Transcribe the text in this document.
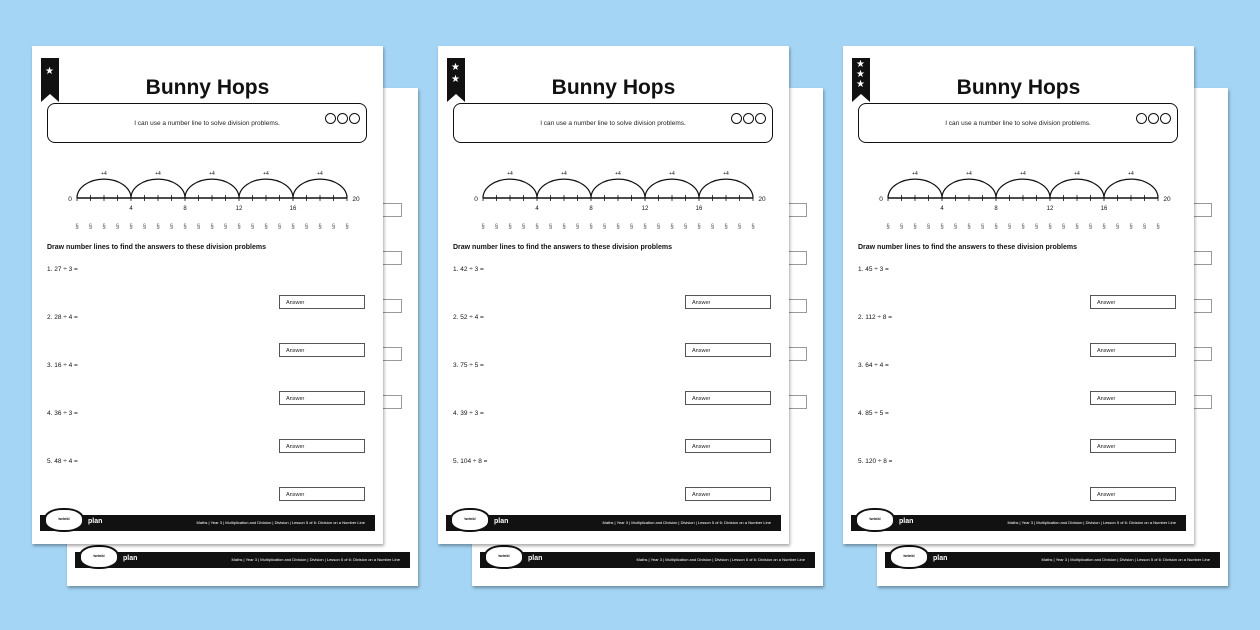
twinkl	plan	Maths | Year 3 | Multiplication and Division | Division | Lesson 5 of 6: Division on a Number Line
★
Bunny Hops
I can use a number line to solve division problems.
+4	+4	+4	+4	+4
§ § § § § § § § § § § § § § § § § § § § §
0	20
4	8	12	16
Draw number lines to find the answers to these division problems
1. 27 ÷ 3 =
Answer
2. 28 ÷ 4 =
Answer
3. 16 ÷ 4 =
Answer
4. 36 ÷ 3 =
Answer
5. 48 ÷ 4 =
Answer
twinkl	plan	Maths | Year 3 | Multiplication and Division | Division | Lesson 5 of 6: Division on a Number Line
twinkl	plan	Maths | Year 3 | Multiplication and Division | Division | Lesson 5 of 6: Division on a Number Line
★
★	Bunny Hops
I can use a number line to solve division problems.
+4	+4	+4	+4	+4
§ § § § § § § § § § § § § § § § § § § § §
0	20
4	8	12	16
Draw number lines to find the answers to these division problems
1. 42 ÷ 3 =
Answer
2. 52 ÷ 4 =
Answer
3. 75 ÷ 5 =
Answer
4. 39 ÷ 3 =
Answer
5. 104 ÷ 8 =
Answer
twinkl	plan	Maths | Year 3 | Multiplication and Division | Division | Lesson 5 of 6: Division on a Number Line
twinkl	plan	Maths | Year 3 | Multiplication and Division | Division | Lesson 5 of 6: Division on a Number Line
★
★
★	Bunny Hops
I can use a number line to solve division problems.
+4	+4	+4	+4	+4
§ § § § § § § § § § § § § § § § § § § § §
0	20
4	8	12	16
Draw number lines to find the answers to these division problems
1. 45 ÷ 3 =
Answer
2. 112 ÷ 8 =
Answer
3. 64 ÷ 4 =
Answer
4. 85 ÷ 5 =
Answer
5. 120 ÷ 8 =
Answer
twinkl	plan	Maths | Year 3 | Multiplication and Division | Division | Lesson 5 of 6: Division on a Number Line
